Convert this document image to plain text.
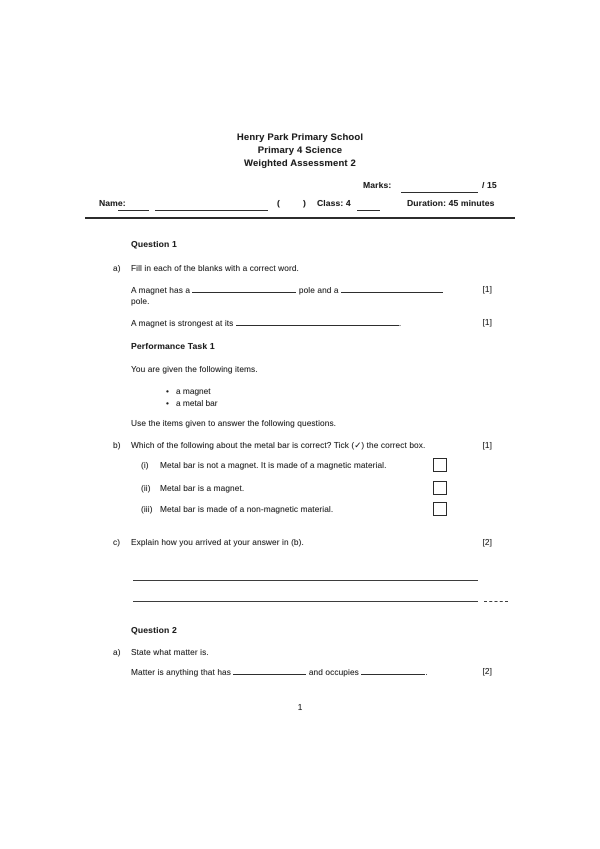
Henry Park Primary School
Primary 4 Science
Weighted Assessment 2
Marks:	/ 15
Name:	(	) Class: 4	Duration: 45 minutes
Question 1
a) Fill in each of the blanks with a correct word.
A magnet has a	pole and a
pole.
[1]
A magnet is strongest at its	.	[1]
Performance Task 1
You are given the following items.
• a magnet
• a metal bar
Use the items given to answer the following questions.
b) Which of the following about the metal bar is correct? Tick (✓) the correct box.	[1]
(i) Metal bar is not a magnet. It is made of a magnetic material.
(ii) Metal bar is a magnet.
(iii) Metal bar is made of a non-magnetic material.
c) Explain how you arrived at your answer in (b).	[2]
Question 2
a) State what matter is.
Matter is anything that has	and occupies	.	[2]
1
